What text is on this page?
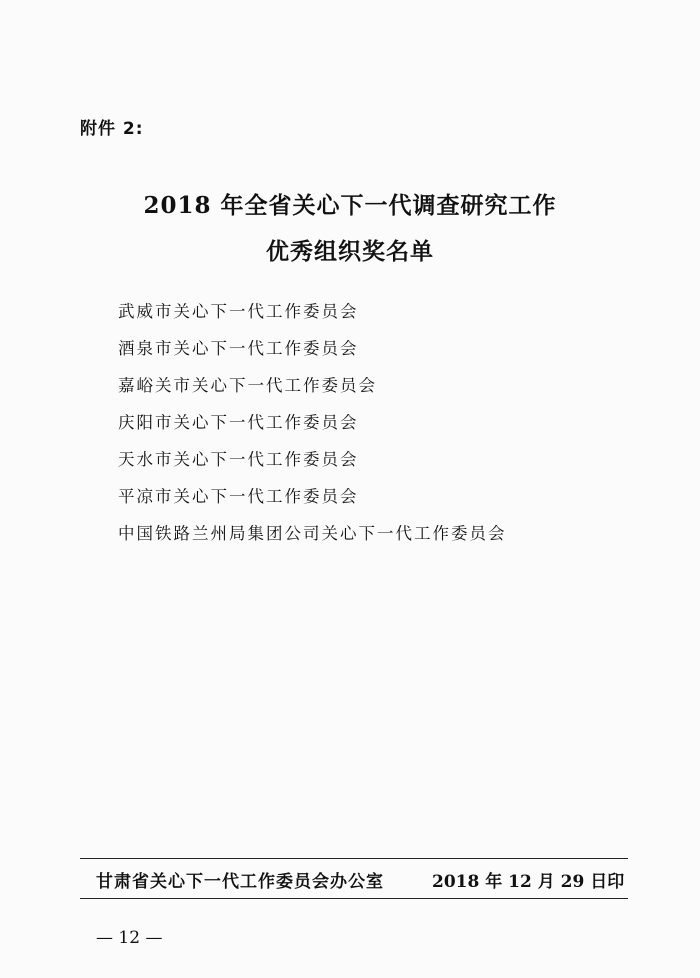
附件 2:
2018 年全省关心下一代调查研究工作
优秀组织奖名单
武威市关心下一代工作委员会
酒泉市关心下一代工作委员会
嘉峪关市关心下一代工作委员会
庆阳市关心下一代工作委员会
天水市关心下一代工作委员会
平凉市关心下一代工作委员会
中国铁路兰州局集团公司关心下一代工作委员会
甘肃省关心下一代工作委员会办公室	2018 年 12 月 29 日印
— 12 —
